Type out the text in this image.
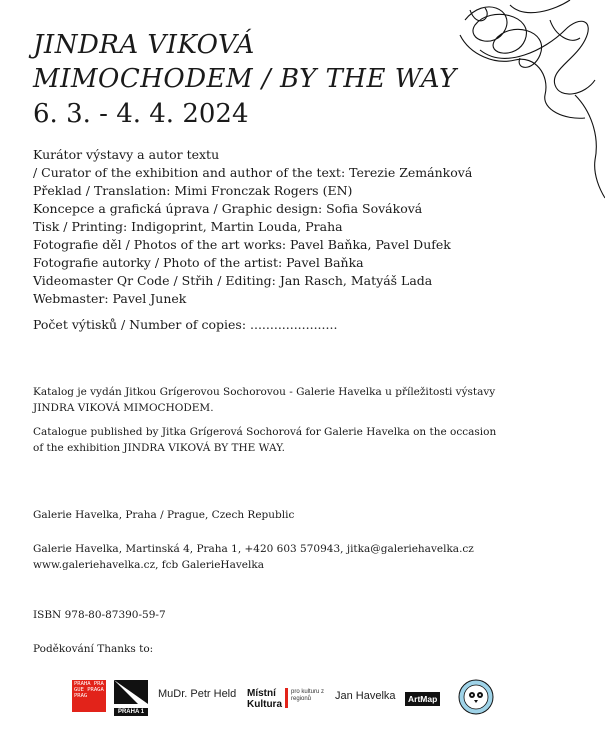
JINDRA VIKOVÁ
MIMOCHODEM / BY THE WAY
6. 3. - 4. 4. 2024
Kurátor výstavy a autor textu
/ Curator of the exhibition and author of the text: Terezie Zemánková
Překlad / Translation: Mimi Fronczak Rogers (EN)
Koncepce a grafická úprava / Graphic design: Sofia Sováková
Tisk / Printing: Indigoprint, Martin Louda, Praha
Fotografie děl / Photos of the art works: Pavel Baňka, Pavel Dufek
Fotografie autorky / Photo of the artist: Pavel Baňka
Videomaster Qr Code / Střih / Editing: Jan Rasch, Matyáš Lada
Webmaster: Pavel Junek
Počet výtisků / Number of copies: ......................
Katalog je vydán Jitkou Grígerovou Sochorovou - Galerie Havelka u příležitosti výstavy
JINDRA VIKOVÁ MIMOCHODEM.
Catalogue published by Jitka Grígerová Sochorová for Galerie Havelka on the occasion
of the exhibition JINDRA VIKOVÁ BY THE WAY.
Galerie Havelka, Praha / Prague, Czech Republic
Galerie Havelka, Martinská 4, Praha 1, +420 603 570943, jitka@galeriehavelka.cz
www.galeriehavelka.cz, fcb GalerieHavelka
ISBN 978-80-87390-59-7
Poděkování Thanks to:
PRAHA PRAGUE PRAGA PRAG
PRAHA 1
MuDr. Petr Held Místní Kultura
pro kulturu z regionů	Jan Havelka	ArtMap
